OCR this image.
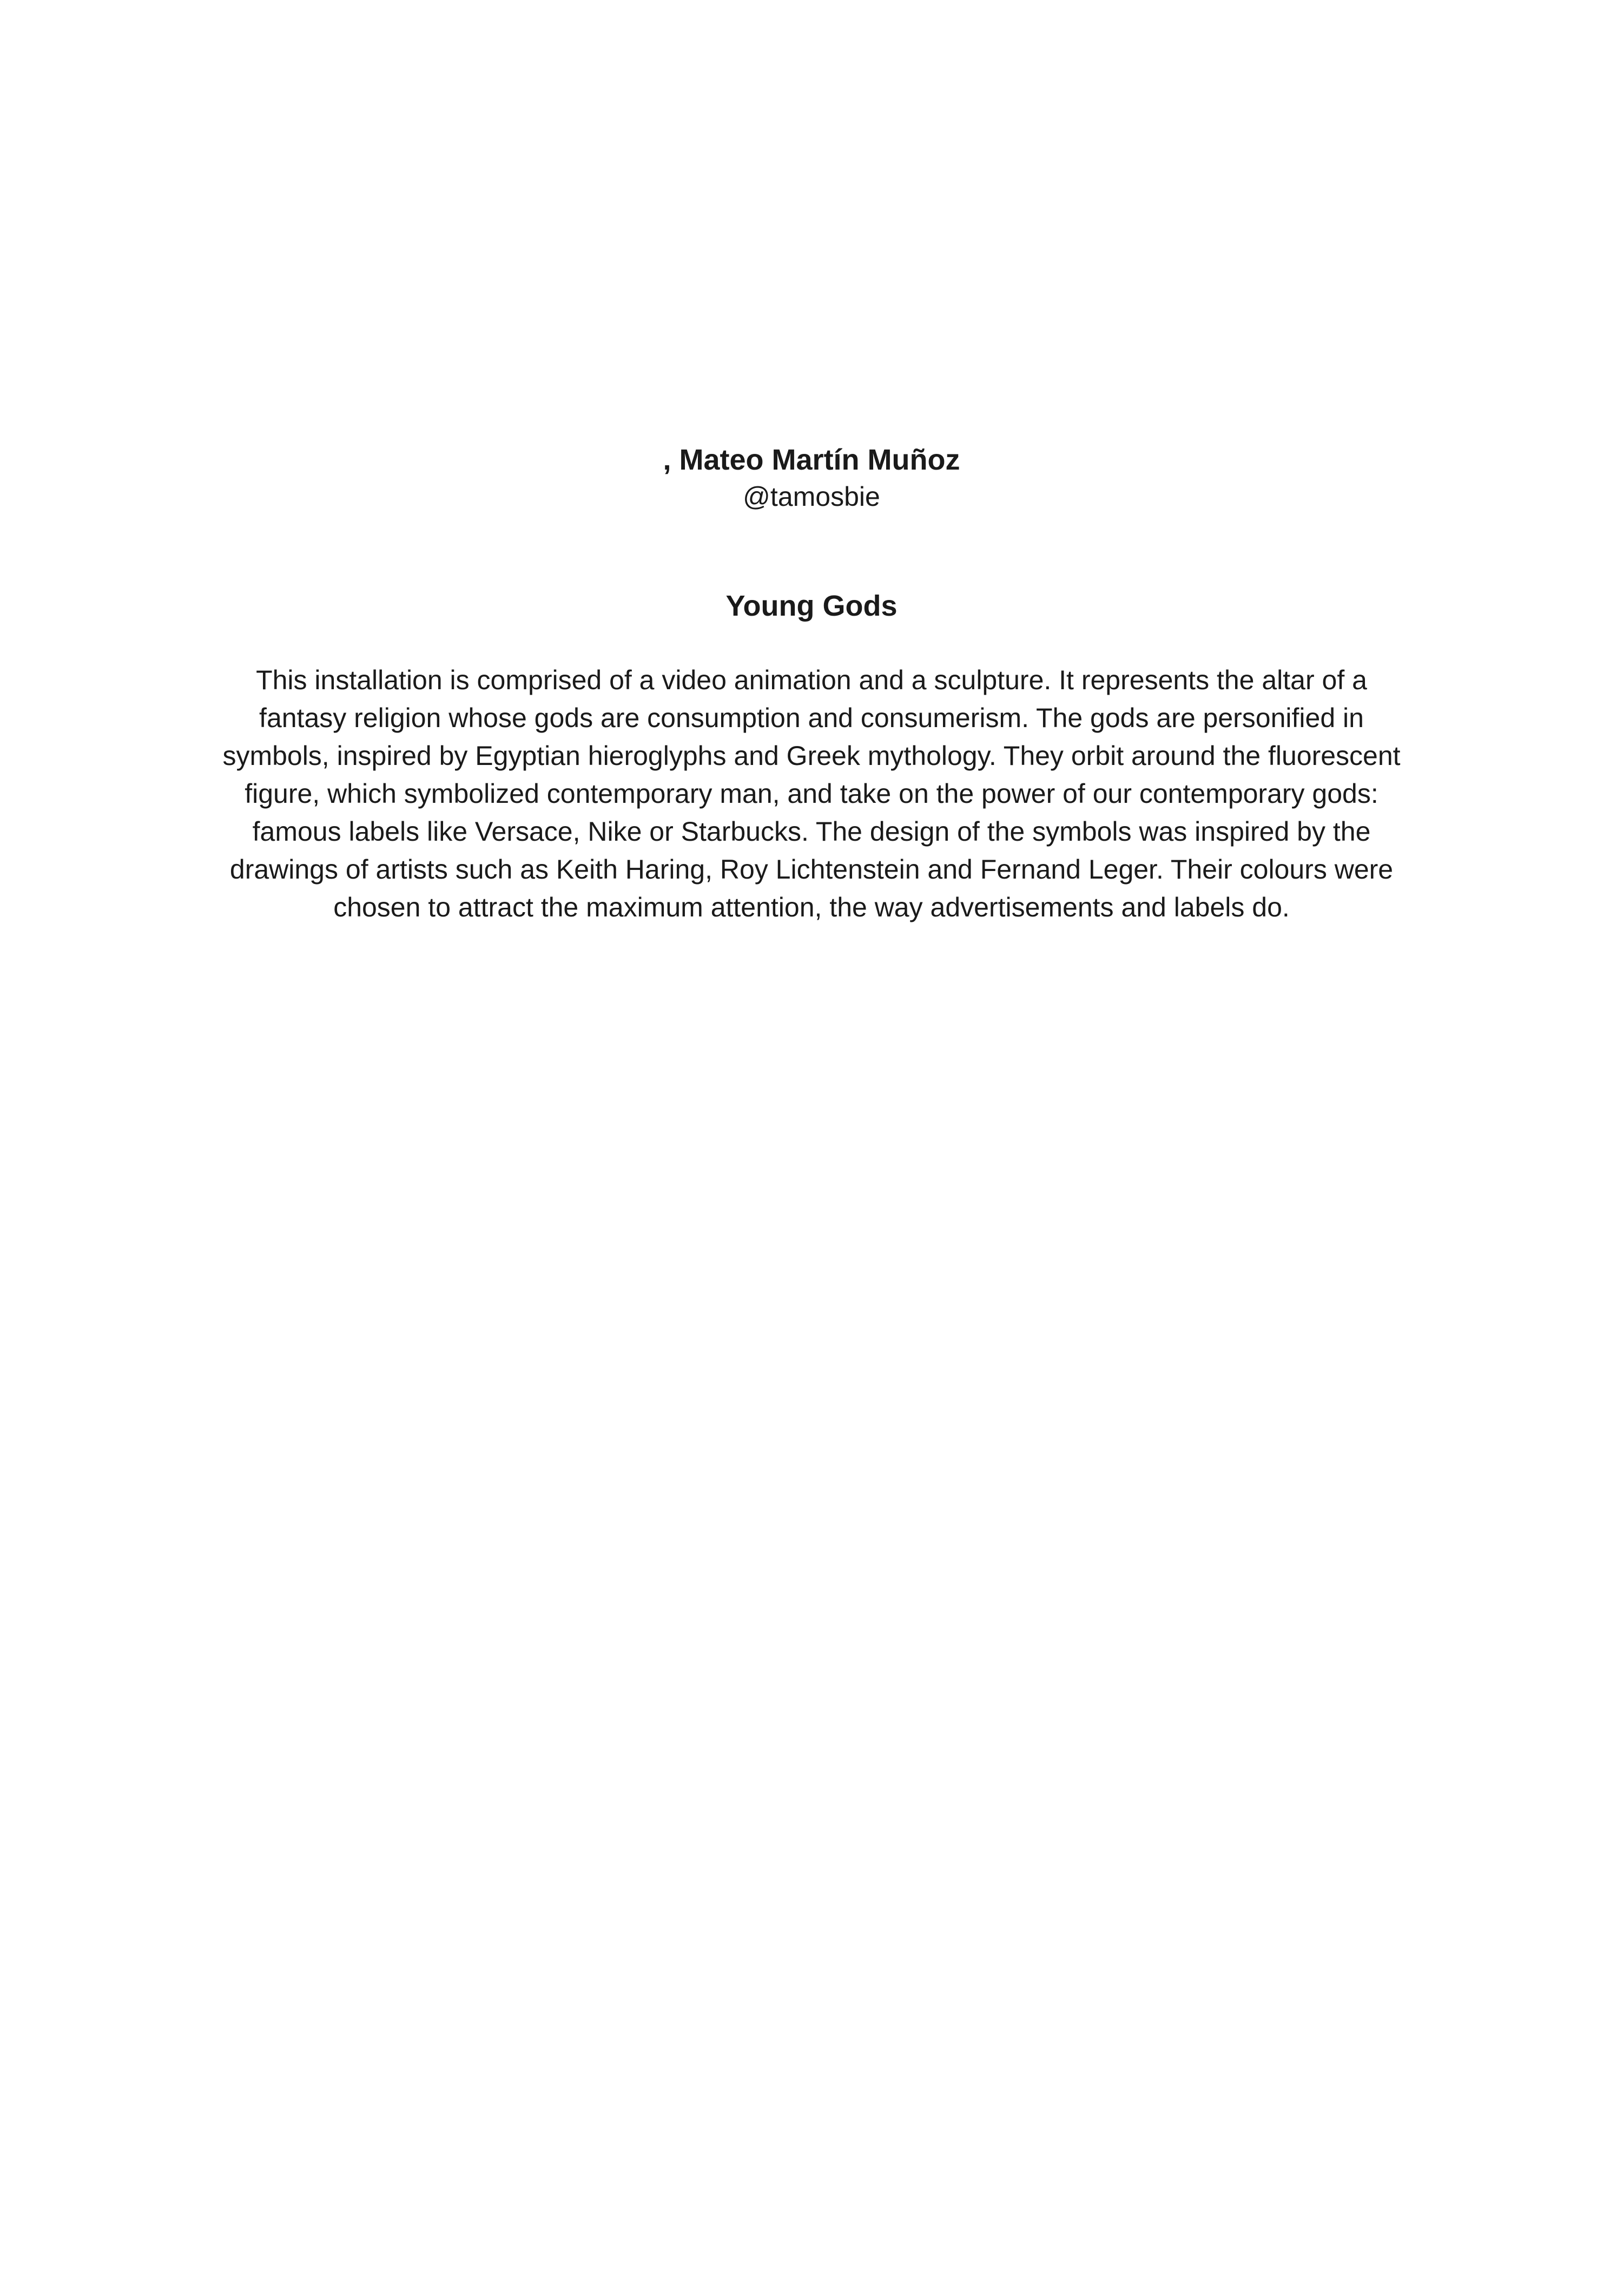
, Mateo Martín Muñoz

@tamosbie

Young Gods
This installation is comprised of a video animation and a sculpture. It represents the altar of a
fantasy religion whose gods are consumption and consumerism. The gods are personified in
symbols, inspired by Egyptian hieroglyphs and Greek mythology. They orbit around the fluorescent
figure, which symbolized contemporary man, and take on the power of our contemporary gods:
famous labels like Versace, Nike or Starbucks. The design of the symbols was inspired by the
drawings of artists such as Keith Haring, Roy Lichtenstein and Fernand Leger. Their colours were
chosen to attract the maximum attention, the way advertisements and labels do.
